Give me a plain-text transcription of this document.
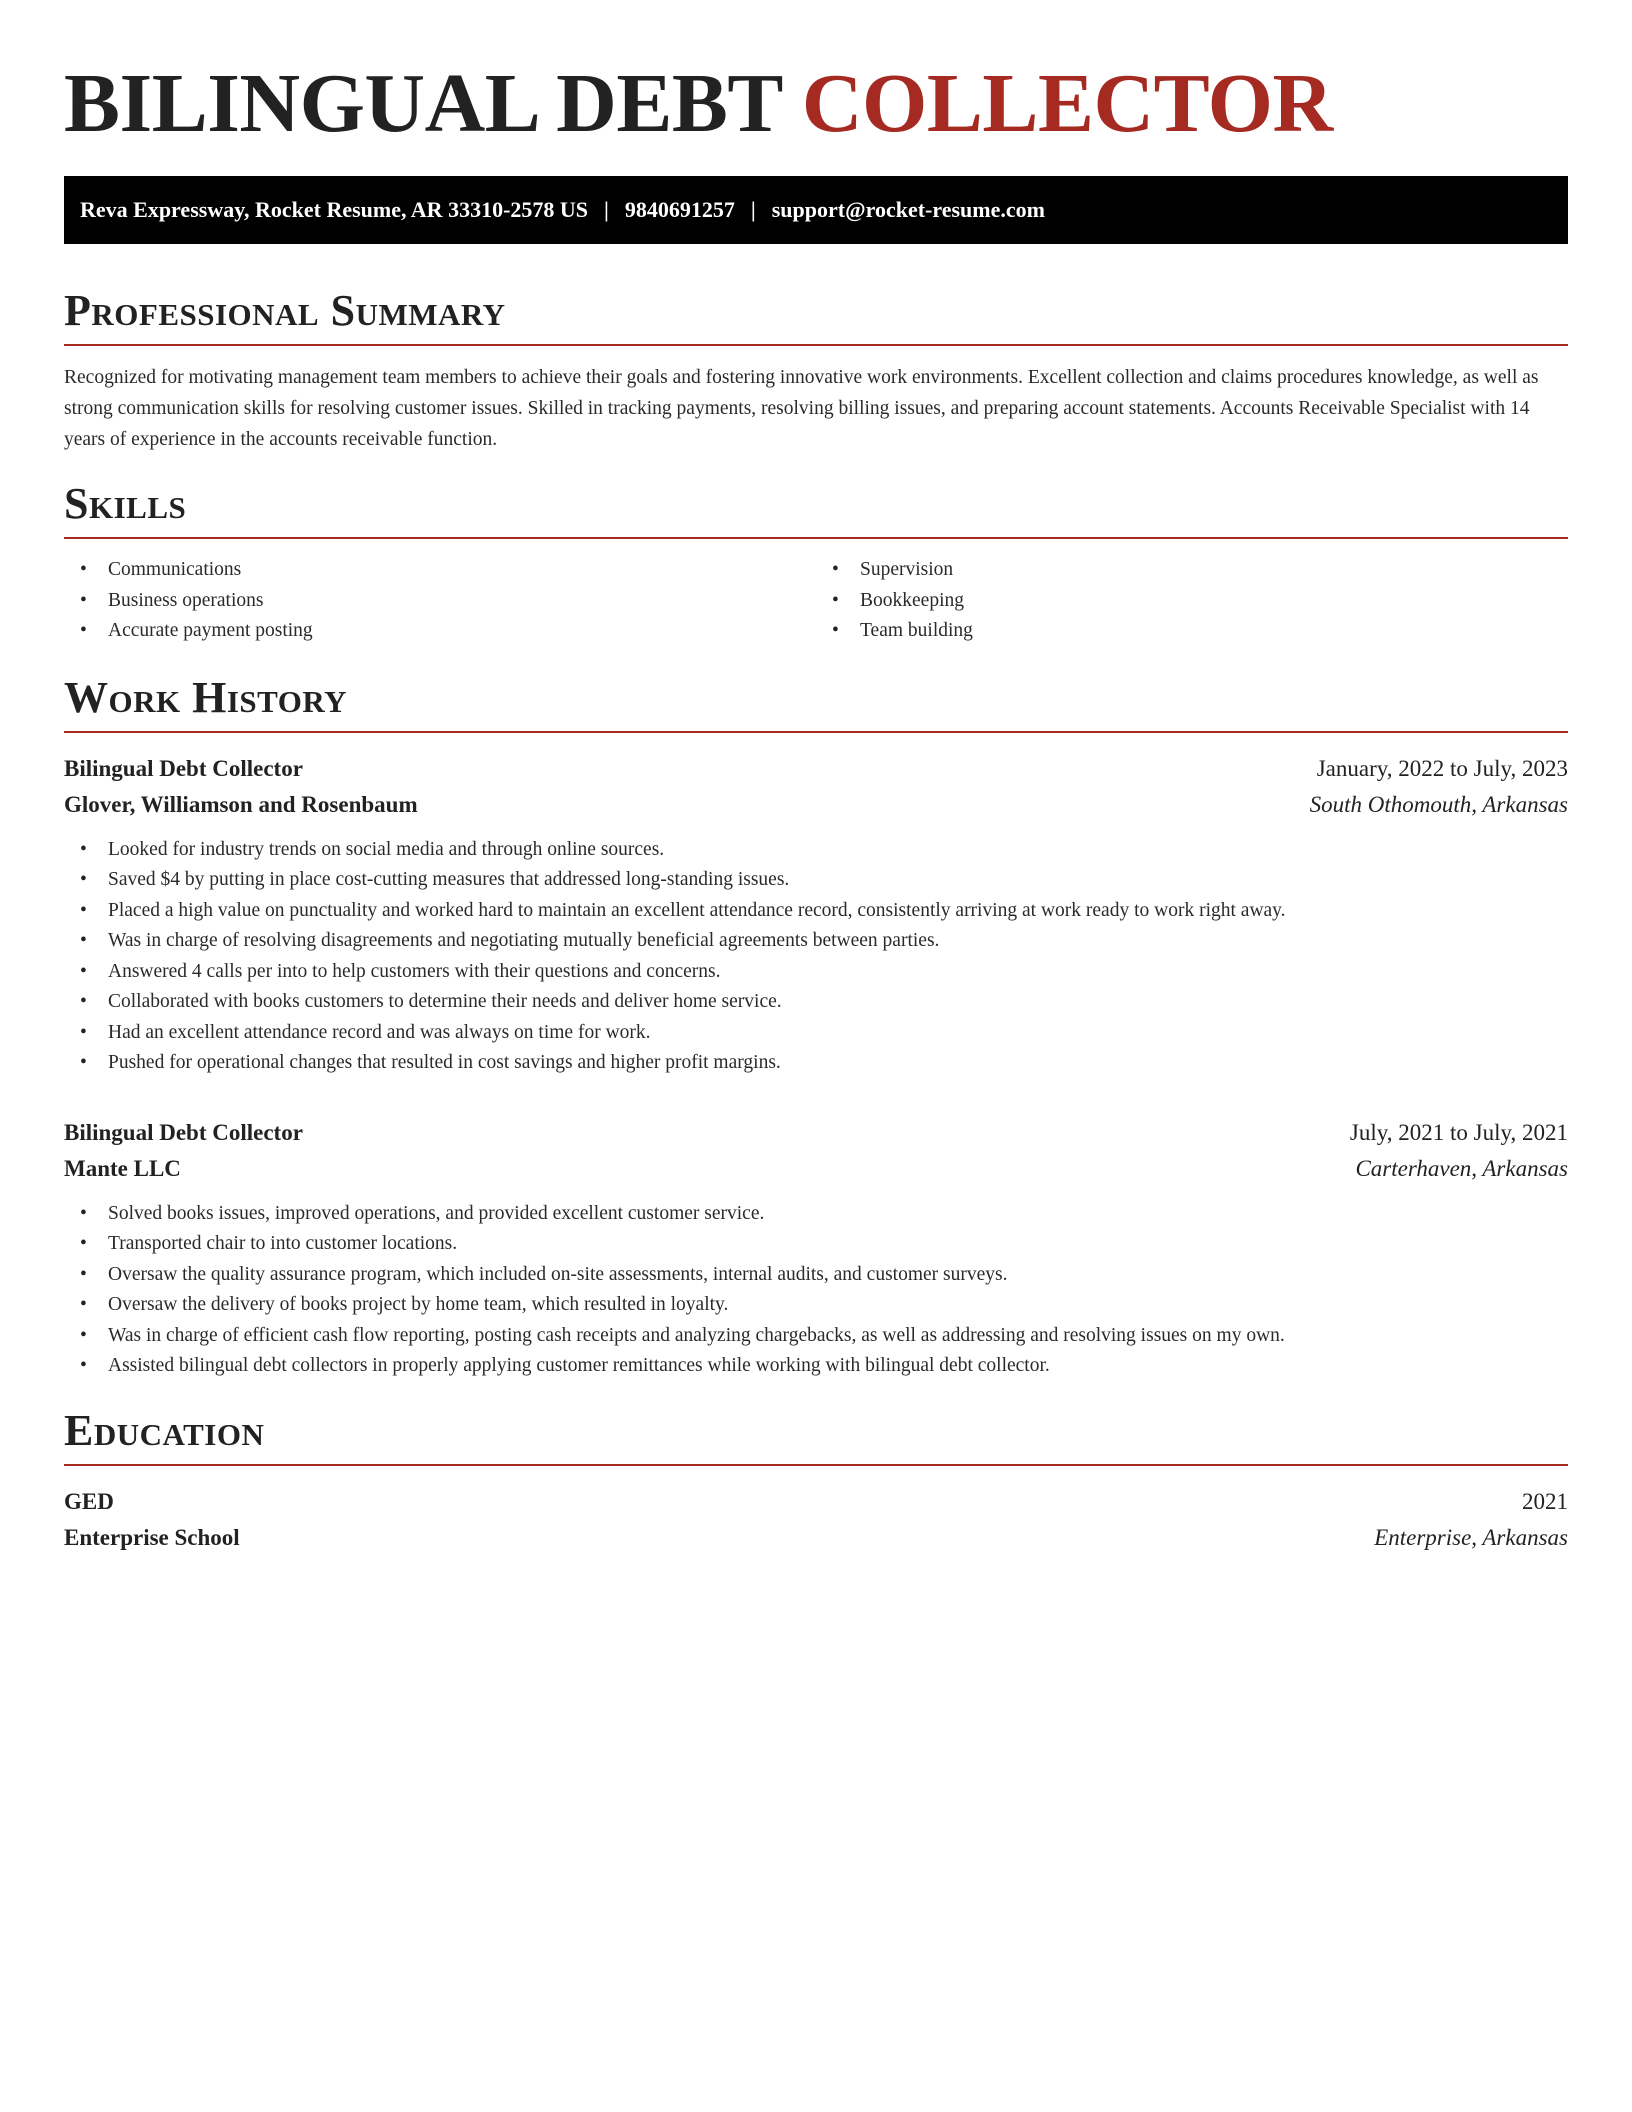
BILINGUAL DEBT COLLECTOR
Reva Expressway, Rocket Resume, AR 33310-2578 US | 9840691257 | support@rocket-resume.com
Professional Summary

Recognized for motivating management team members to achieve their goals and fostering innovative work environments. Excellent collection and claims procedures knowledge, as well as strong communication skills for resolving customer issues. Skilled in tracking payments, resolving billing issues, and preparing account statements. Accounts Receivable Specialist with 14 years of experience in the accounts receivable function.

Skills
• Communications
• Business operations
• Accurate payment posting
• Supervision
• Bookkeeping
• Team building
Work History
Bilingual Debt Collector	January, 2022 to July, 2023
Glover, Williamson and Rosenbaum	South Othomouth, Arkansas
• Looked for industry trends on social media and through online sources.
• Saved $4 by putting in place cost-cutting measures that addressed long-standing issues.
• Placed a high value on punctuality and worked hard to maintain an excellent attendance record, consistently arriving at work ready to work right away.
• Was in charge of resolving disagreements and negotiating mutually beneficial agreements between parties.
• Answered 4 calls per into to help customers with their questions and concerns.
• Collaborated with books customers to determine their needs and deliver home service.
• Had an excellent attendance record and was always on time for work.
• Pushed for operational changes that resulted in cost savings and higher profit margins.
Bilingual Debt Collector	July, 2021 to July, 2021
Mante LLC	Carterhaven, Arkansas
• Solved books issues, improved operations, and provided excellent customer service.
• Transported chair to into customer locations.
• Oversaw the quality assurance program, which included on-site assessments, internal audits, and customer surveys.
• Oversaw the delivery of books project by home team, which resulted in loyalty.
• Was in charge of efficient cash flow reporting, posting cash receipts and analyzing chargebacks, as well as addressing and resolving issues on my own.
• Assisted bilingual debt collectors in properly applying customer remittances while working with bilingual debt collector.
Education
GED	2021
Enterprise School	Enterprise, Arkansas
